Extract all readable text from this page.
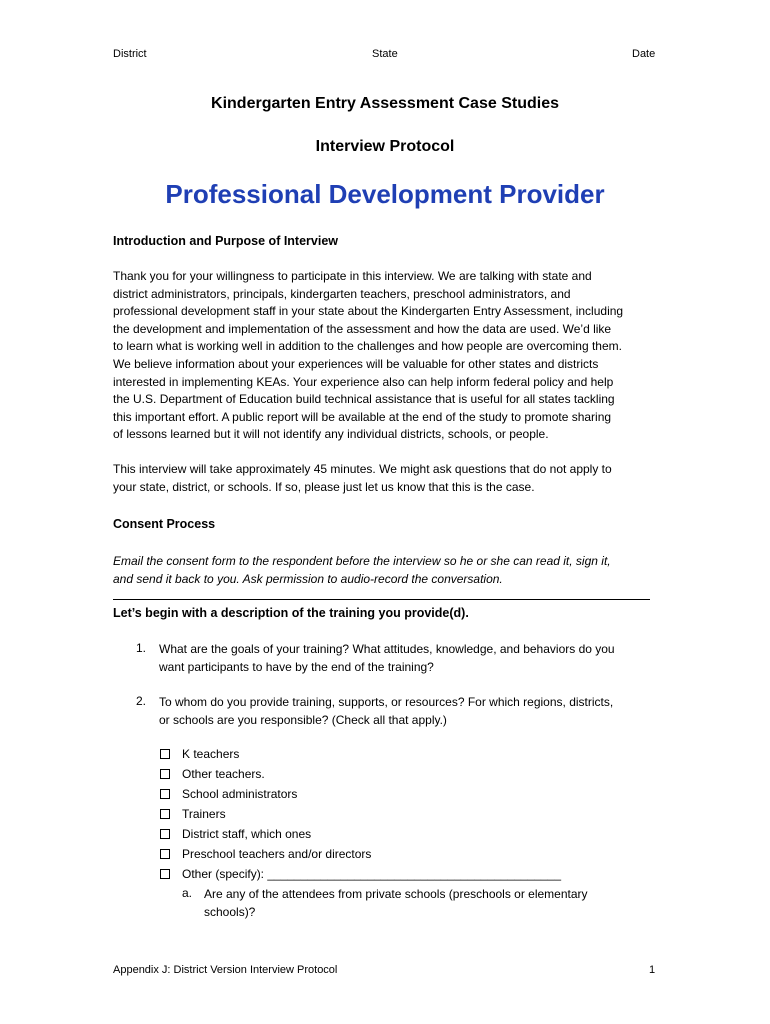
District	State	Date
Kindergarten Entry Assessment Case Studies
Interview Protocol
Professional Development Provider
Introduction and Purpose of Interview
Thank you for your willingness to participate in this interview. We are talking with state and
district administrators, principals, kindergarten teachers, preschool administrators, and
professional development staff in your state about the Kindergarten Entry Assessment, including
the development and implementation of the assessment and how the data are used. We’d like
to learn what is working well in addition to the challenges and how people are overcoming them.
We believe information about your experiences will be valuable for other states and districts
interested in implementing KEAs. Your experience also can help inform federal policy and help
the U.S. Department of Education build technical assistance that is useful for all states tackling
this important effort. A public report will be available at the end of the study to promote sharing
of lessons learned but it will not identify any individual districts, schools, or people.
This interview will take approximately 45 minutes. We might ask questions that do not apply to
your state, district, or schools. If so, please just let us know that this is the case.
Consent Process
Email the consent form to the respondent before the interview so he or she can read it, sign it,
and send it back to you. Ask permission to audio-record the conversation.
Let’s begin with a description of the training you provide(d).
1. What are the goals of your training? What attitudes, knowledge, and behaviors do you
want participants to have by the end of the training?
2. To whom do you provide training, supports, or resources? For which regions, districts,
or schools are you responsible? (Check all that apply.)
K teachers
Other teachers.
School administrators
Trainers
District staff, which ones
Preschool teachers and/or directors
Other (specify): ____________________________________________
a. Are any of the attendees from private schools (preschools or elementary
schools)?
Appendix J: District Version Interview Protocol	1
